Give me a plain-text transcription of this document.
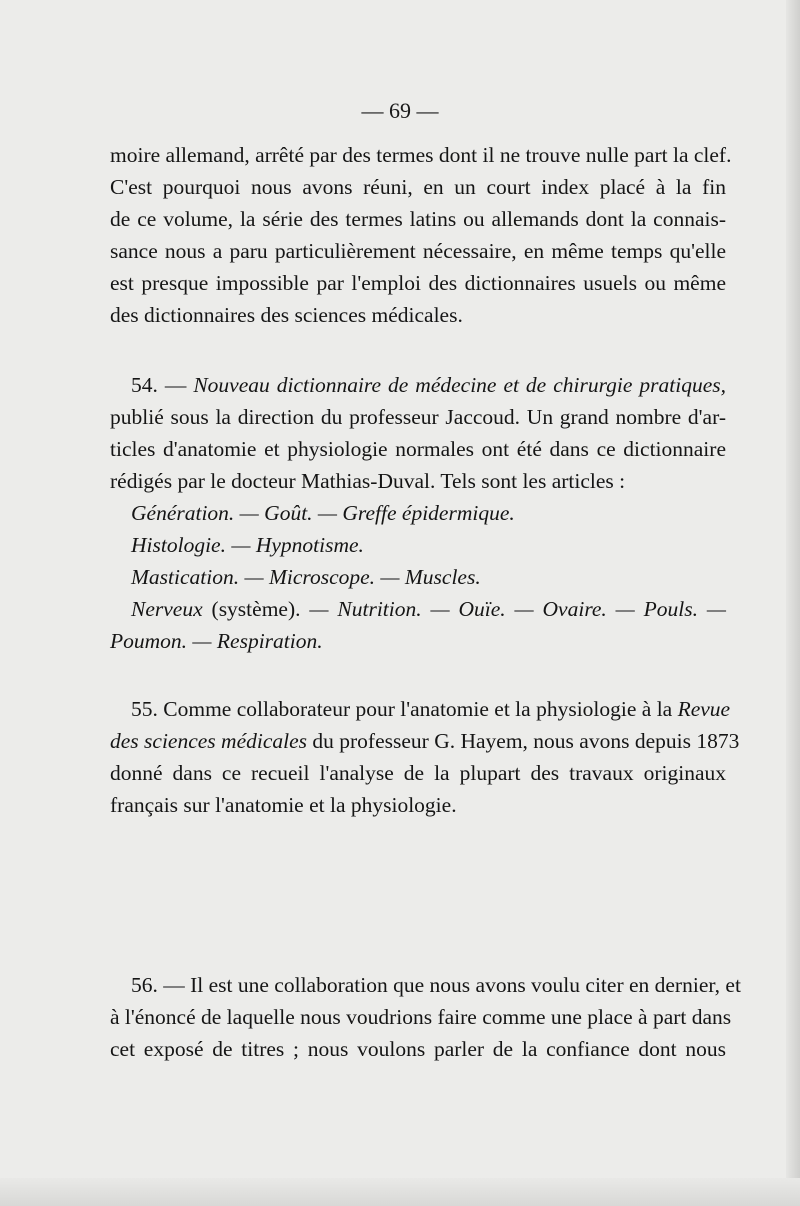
— 69 —
moire allemand, arrêté par des termes dont il ne trouve nulle part la clef.
C'est pourquoi nous avons réuni, en un court index placé à la fin
de ce volume, la série des termes latins ou allemands dont la connais-
sance nous a paru particulièrement nécessaire, en même temps qu'elle
est presque impossible par l'emploi des dictionnaires usuels ou même
des dictionnaires des sciences médicales.
54. — Nouveau dictionnaire de médecine et de chirurgie pratiques,
publié sous la direction du professeur Jaccoud. Un grand nombre d'ar-
ticles d'anatomie et physiologie normales ont été dans ce dictionnaire
rédigés par le docteur Mathias-Duval. Tels sont les articles :
Génération. — Goût. — Greffe épidermique.
Histologie. — Hypnotisme.
Mastication. — Microscope. — Muscles.
Nerveux (système). — Nutrition. — Ouïe. — Ovaire. — Pouls. —
Poumon. — Respiration.
55. Comme collaborateur pour l'anatomie et la physiologie à la Revue
des sciences médicales du professeur G. Hayem, nous avons depuis 1873
donné dans ce recueil l'analyse de la plupart des travaux originaux
français sur l'anatomie et la physiologie.
56. — Il est une collaboration que nous avons voulu citer en dernier, et
à l'énoncé de laquelle nous voudrions faire comme une place à part dans
cet exposé de titres ; nous voulons parler de la confiance dont nous
